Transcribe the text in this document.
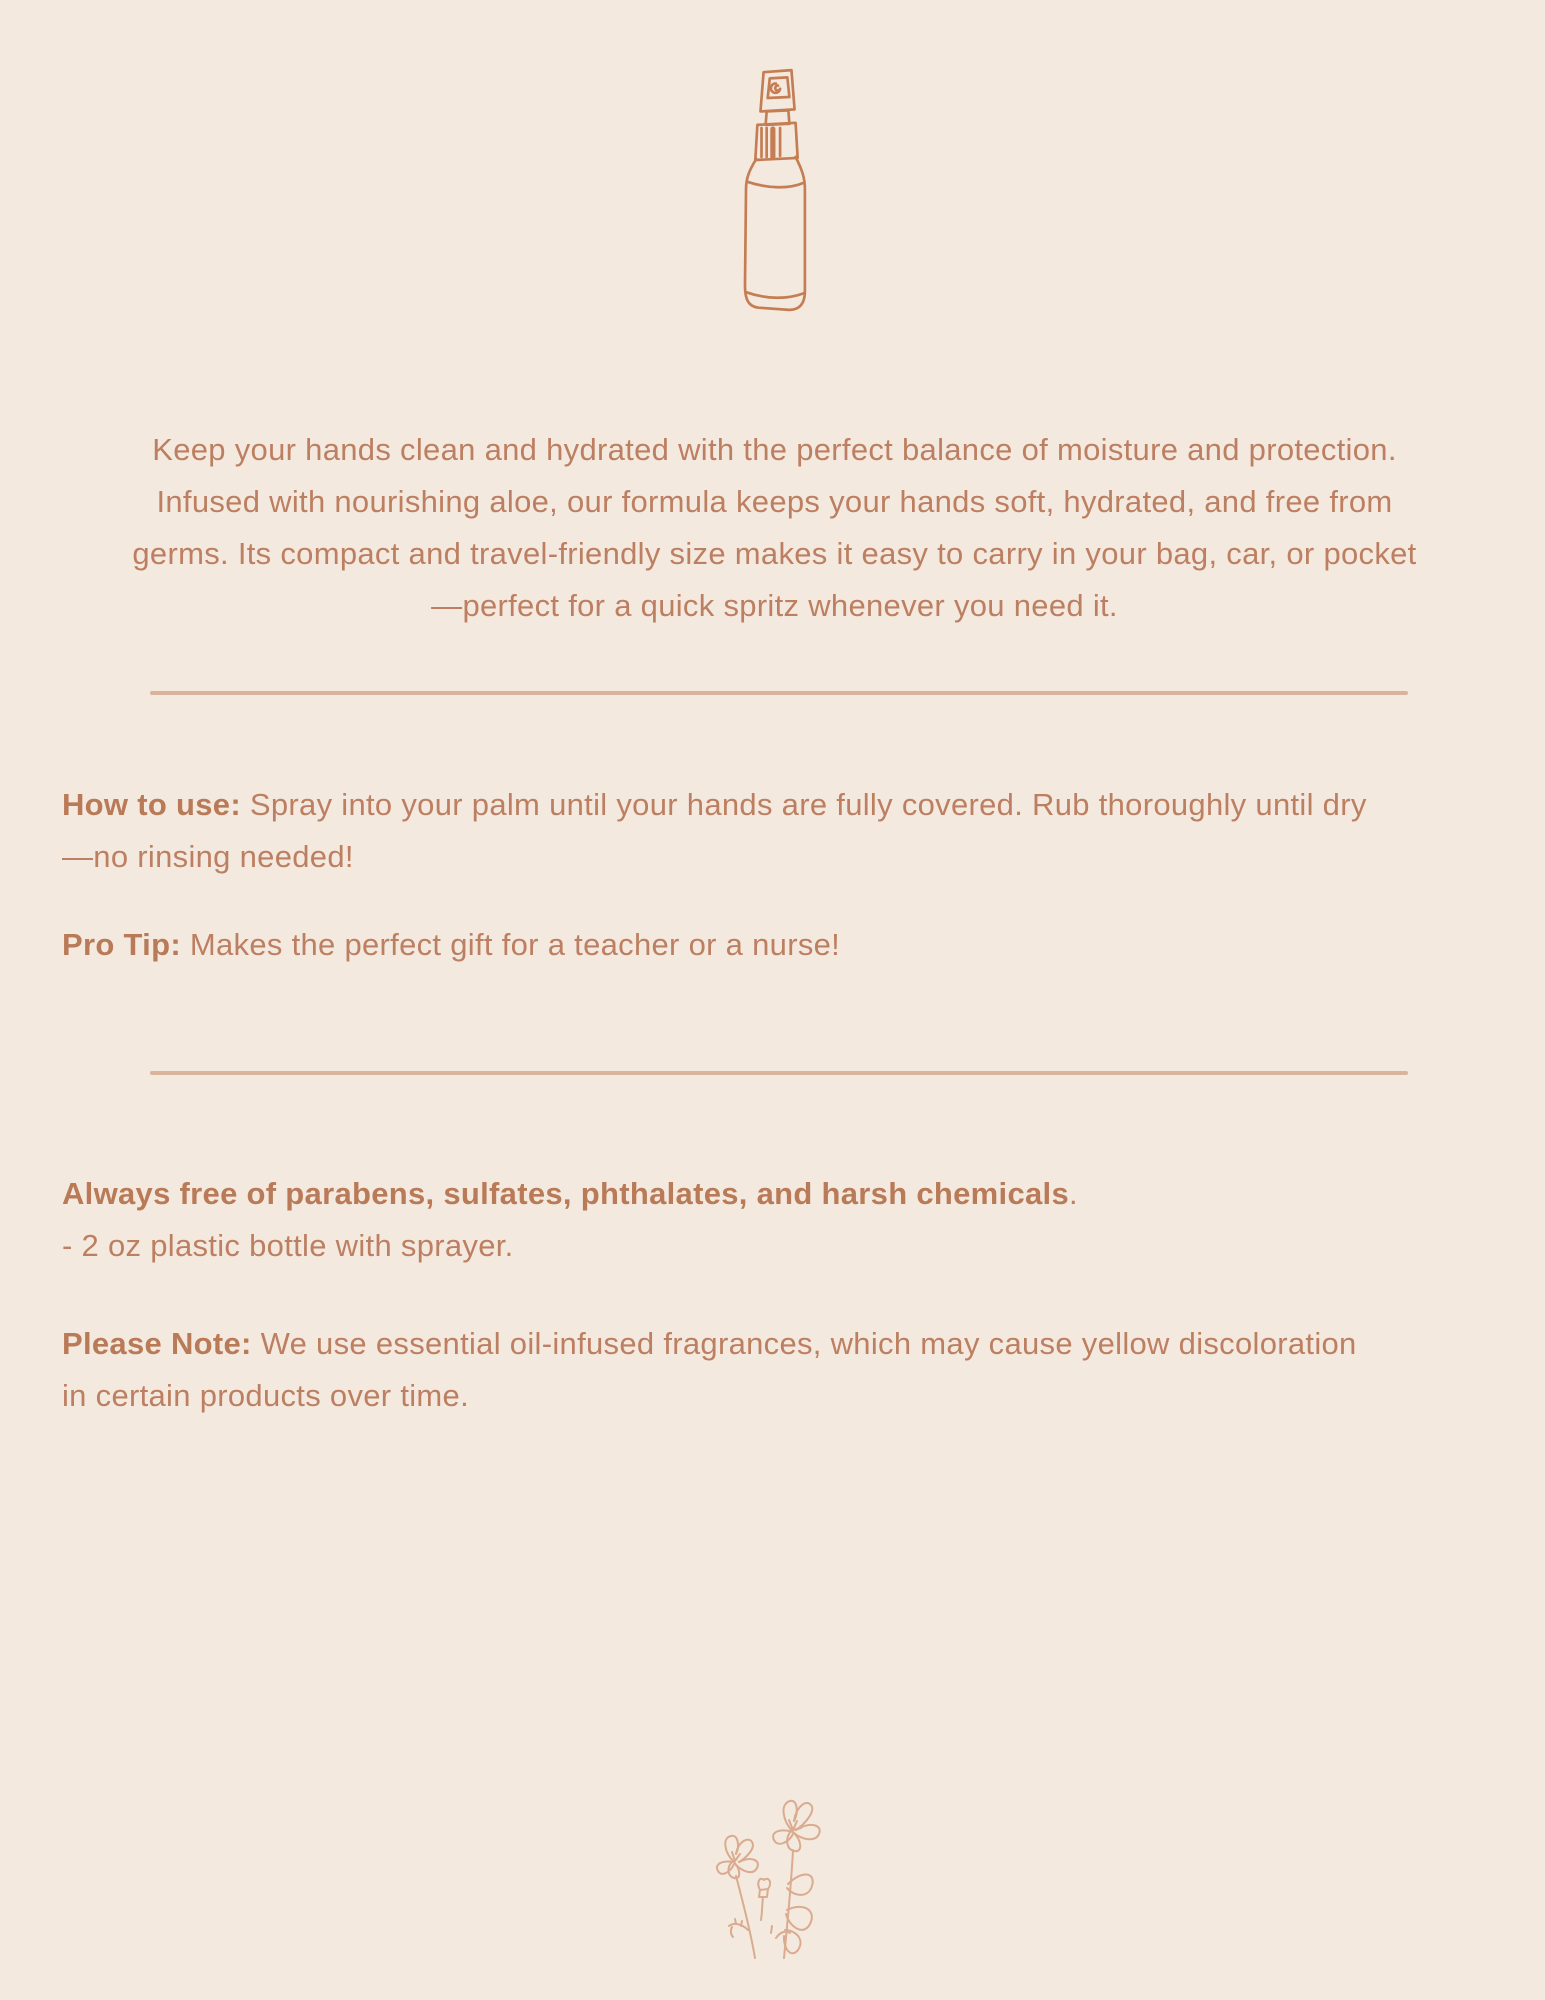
Keep your hands clean and hydrated with the perfect balance of moisture and protection.
Infused with nourishing aloe, our formula keeps your hands soft, hydrated, and free from
germs. Its compact and travel-friendly size makes it easy to carry in your bag, car, or pocket
—perfect for a quick spritz whenever you need it.
How to use: Spray into your palm until your hands are fully covered. Rub thoroughly until dry
—no rinsing needed!
Pro Tip: Makes the perfect gift for a teacher or a nurse!
Always free of parabens, sulfates, phthalates, and harsh chemicals.
- 2 oz plastic bottle with sprayer.
Please Note: We use essential oil-infused fragrances, which may cause yellow discoloration
in certain products over time.
